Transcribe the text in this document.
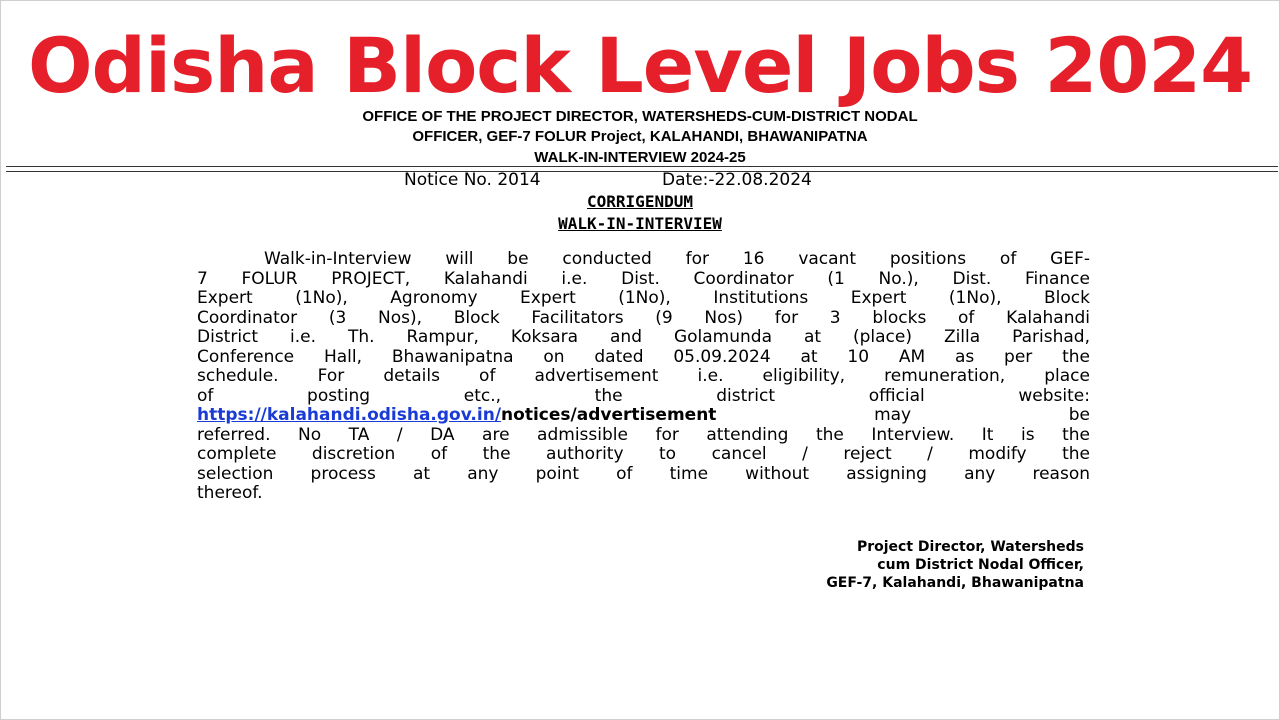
Odisha Block Level Jobs 2024
OFFICE OF THE PROJECT DIRECTOR, WATERSHEDS-CUM-DISTRICT NODAL
OFFICER, GEF-7 FOLUR Project, KALAHANDI, BHAWANIPATNA
WALK-IN-INTERVIEW 2024-25
Notice No. 2014	Date:-22.08.2024
CORRIGENDUM
WALK-IN-INTERVIEW
Walk-in-Interview will be conducted for 16 vacant positions of GEF-
7 FOLUR PROJECT, Kalahandi i.e. Dist. Coordinator (1 No.), Dist. Finance
Expert (1No), Agronomy Expert (1No), Institutions Expert (1No), Block
Coordinator (3 Nos), Block Facilitators (9 Nos) for 3 blocks of Kalahandi
District i.e. Th. Rampur, Koksara and Golamunda at (place) Zilla Parishad,
Conference Hall, Bhawanipatna on dated 05.09.2024 at 10 AM as per the
schedule. For details of advertisement i.e. eligibility, remuneration, place
of posting etc., the district official website:
https://kalahandi.odisha.gov.in/notices/advertisement	may be
referred. No TA / DA are admissible for attending the Interview. It is the
complete discretion of the authority to cancel / reject / modify the
selection process at any point of time without assigning any reason
thereof.
Project Director, Watersheds
cum District Nodal Officer,
GEF-7, Kalahandi, Bhawanipatna
